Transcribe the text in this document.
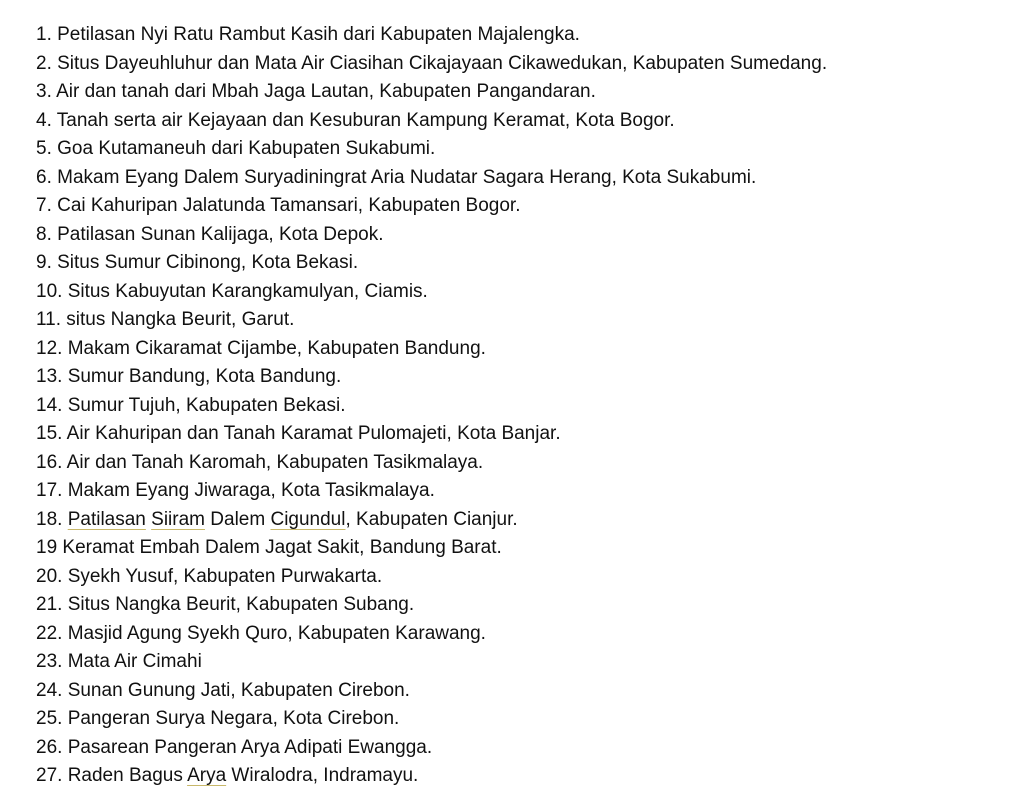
1. Petilasan Nyi Ratu Rambut Kasih dari Kabupaten Majalengka.
2. Situs Dayeuhluhur dan Mata Air Ciasihan Cikajayaan Cikawedukan, Kabupaten Sumedang.
3. Air dan tanah dari Mbah Jaga Lautan, Kabupaten Pangandaran.
4. Tanah serta air Kejayaan dan Kesuburan Kampung Keramat, Kota Bogor.
5. Goa Kutamaneuh dari Kabupaten Sukabumi.
6. Makam Eyang Dalem Suryadiningrat Aria Nudatar Sagara Herang, Kota Sukabumi.
7. Cai Kahuripan Jalatunda Tamansari, Kabupaten Bogor.
8. Patilasan Sunan Kalijaga, Kota Depok.
9. Situs Sumur Cibinong, Kota Bekasi.
10. Situs Kabuyutan Karangkamulyan, Ciamis.
11. situs Nangka Beurit, Garut.
12. Makam Cikaramat Cijambe, Kabupaten Bandung.
13. Sumur Bandung, Kota Bandung.
14. Sumur Tujuh, Kabupaten Bekasi.
15. Air Kahuripan dan Tanah Karamat Pulomajeti, Kota Banjar.
16. Air dan Tanah Karomah, Kabupaten Tasikmalaya.
17. Makam Eyang Jiwaraga, Kota Tasikmalaya.
18. Patilasan Siiram Dalem Cigundul, Kabupaten Cianjur.
19 Keramat Embah Dalem Jagat Sakit, Bandung Barat.
20. Syekh Yusuf, Kabupaten Purwakarta.
21. Situs Nangka Beurit, Kabupaten Subang.
22. Masjid Agung Syekh Quro, Kabupaten Karawang.
23. Mata Air Cimahi
24. Sunan Gunung Jati, Kabupaten Cirebon.
25. Pangeran Surya Negara, Kota Cirebon.
26. Pasarean Pangeran Arya Adipati Ewangga.
27. Raden Bagus Arya Wiralodra, Indramayu.
